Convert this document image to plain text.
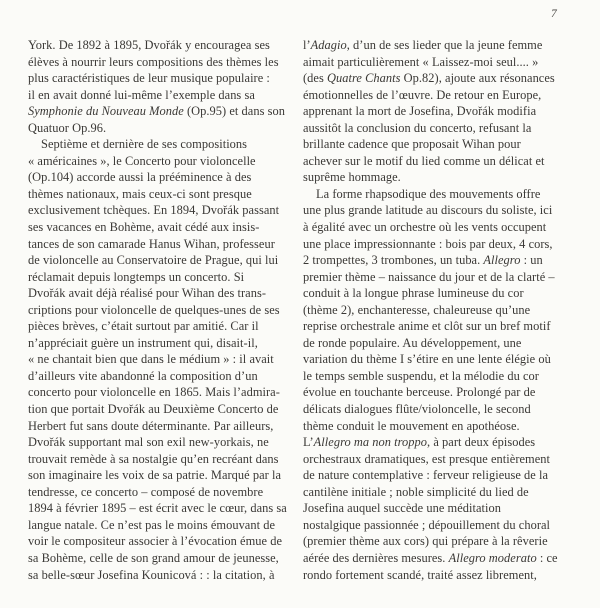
7
York. De 1892 à 1895, Dvořák y encouragea ses
élèves à nourrir leurs compositions des thèmes les
plus caractéristiques de leur musique populaire :
il en avait donné lui-même l’exemple dans sa
Symphonie du Nouveau Monde (Op.95) et dans son
Quatuor Op.96.
Septième et dernière de ses compositions
« américaines », le Concerto pour violoncelle
(Op.104) accorde aussi la prééminence à des
thèmes nationaux, mais ceux-ci sont presque
exclusivement tchèques. En 1894, Dvořák passant
ses vacances en Bohème, avait cédé aux insis-
tances de son camarade Hanus Wihan, professeur
de violoncelle au Conservatoire de Prague, qui lui
réclamait depuis longtemps un concerto. Si
Dvořák avait déjà réalisé pour Wihan des trans-
criptions pour violoncelle de quelques-unes de ses
pièces brèves, c’était surtout par amitié. Car il
n’appréciait guère un instrument qui, disait-il,
« ne chantait bien que dans le médium » : il avait
d’ailleurs vite abandonné la composition d’un
concerto pour violoncelle en 1865. Mais l’admira-
tion que portait Dvořák au Deuxième Concerto de
Herbert fut sans doute déterminante. Par ailleurs,
Dvořák supportant mal son exil new-yorkais, ne
trouvait remède à sa nostalgie qu’en recréant dans
son imaginaire les voix de sa patrie. Marqué par la
tendresse, ce concerto – composé de novembre
1894 à février 1895 – est écrit avec le cœur, dans sa
langue natale. Ce n’est pas le moins émouvant de
voir le compositeur associer à l’évocation émue de
sa Bohème, celle de son grand amour de jeunesse,
sa belle-sœur Josefina Kounicová : : la citation, à
l’Adagio, d’un de ses lieder que la jeune femme
aimait particulièrement « Laissez-moi seul.... »
(des Quatre Chants Op.82), ajoute aux résonances
émotionnelles de l’œuvre. De retour en Europe,
apprenant la mort de Josefina, Dvořák modifia
aussitôt la conclusion du concerto, refusant la
brillante cadence que proposait Wihan pour
achever sur le motif du lied comme un délicat et
suprême hommage.
La forme rhapsodique des mouvements offre
une plus grande latitude au discours du soliste, ici
à égalité avec un orchestre où les vents occupent
une place impressionnante : bois par deux, 4 cors,
2 trompettes, 3 trombones, un tuba. Allegro : un
premier thème – naissance du jour et de la clarté –
conduit à la longue phrase lumineuse du cor
(thème 2), enchanteresse, chaleureuse qu’une
reprise orchestrale anime et clôt sur un bref motif
de ronde populaire. Au développement, une
variation du thème I s’étire en une lente élégie où
le temps semble suspendu, et la mélodie du cor
évolue en touchante berceuse. Prolongé par de
délicats dialogues flûte/violoncelle, le second
thème conduit le mouvement en apothéose.
L’Allegro ma non troppo, à part deux épisodes
orchestraux dramatiques, est presque entièrement
de nature contemplative : ferveur religieuse de la
cantilène initiale ; noble simplicité du lied de
Josefina auquel succède une méditation
nostalgique passionnée ; dépouillement du choral
(premier thème aux cors) qui prépare à la rêverie
aérée des dernières mesures. Allegro moderato : ce
rondo fortement scandé, traité assez librement,
